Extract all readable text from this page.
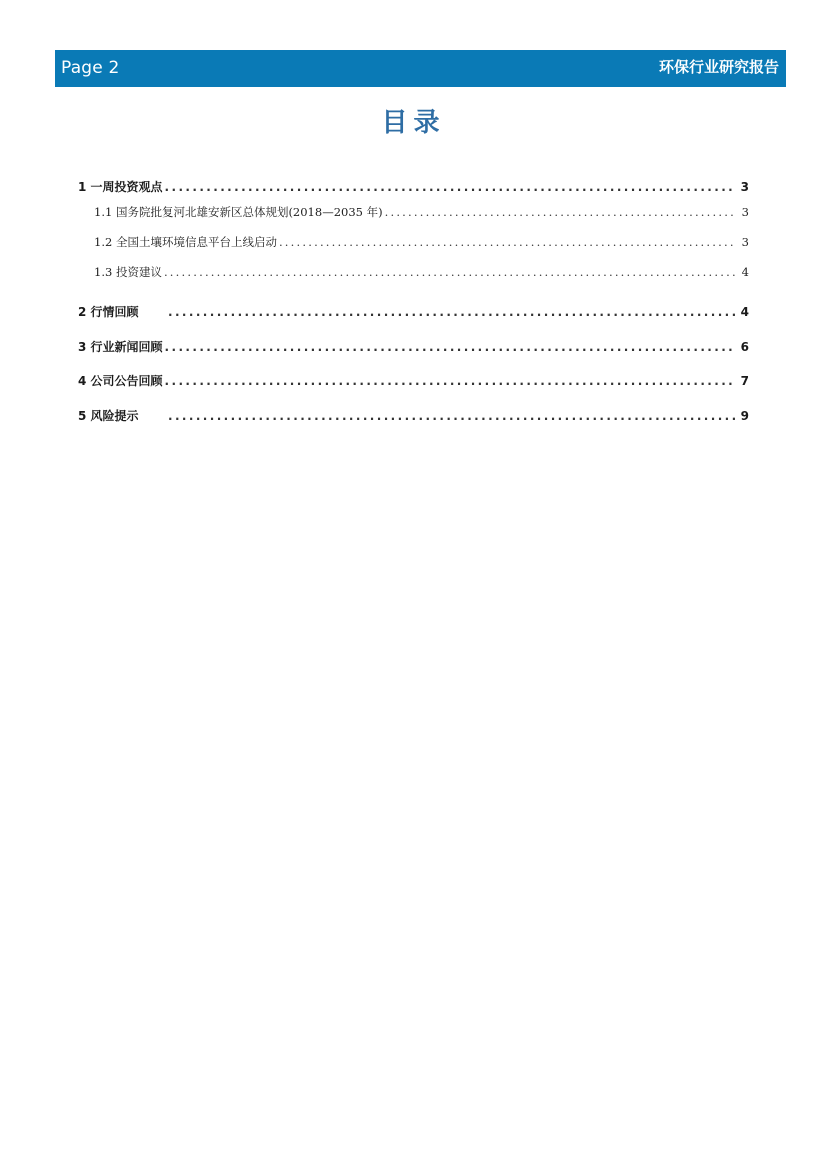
Page 2	环保行业研究报告
目录
1 一周投资观点 .....	3
1.1 国务院批复河北雄安新区总体规划(2018—2035 年) .....	3
1.2 全国土壤环境信息平台上线启动 .....	3
1.3 投资建议 .....	4
2 行情回顾 .....	4
3 行业新闻回顾 .....	6
4 公司公告回顾 .....	7
5 风险提示 .....	9
